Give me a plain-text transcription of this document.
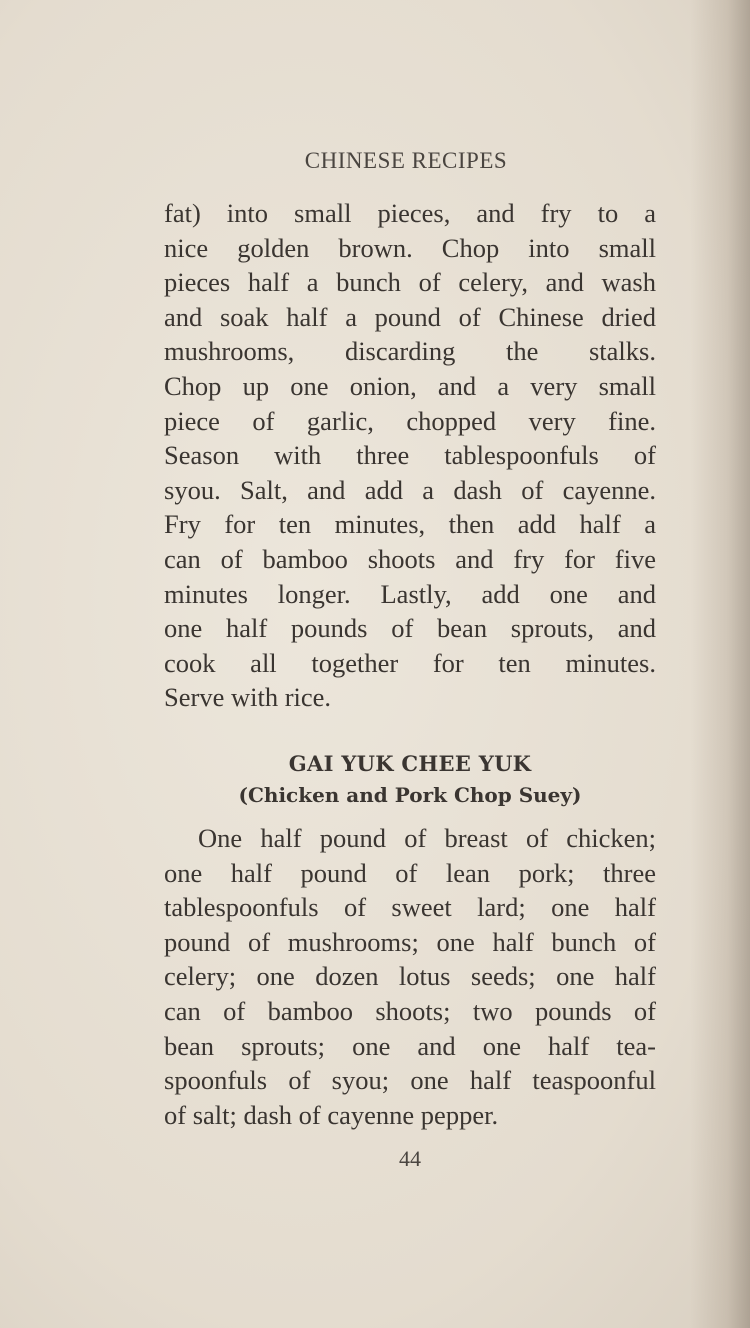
CHINESE RECIPES
fat) into small pieces, and fry to a
nice golden brown. Chop into small
pieces half a bunch of celery, and wash
and soak half a pound of Chinese dried
mushrooms, discarding the stalks.
Chop up one onion, and a very small
piece of garlic, chopped very fine.
Season with three tablespoonfuls of
syou. Salt, and add a dash of cayenne.
Fry for ten minutes, then add half a
can of bamboo shoots and fry for five
minutes longer. Lastly, add one and
one half pounds of bean sprouts, and
cook all together for ten minutes.
Serve with rice.
GAI YUK CHEE YUK
(Chicken and Pork Chop Suey)
One half pound of breast of chicken;
one half pound of lean pork; three
tablespoonfuls of sweet lard; one half
pound of mushrooms; one half bunch of
celery; one dozen lotus seeds; one half
can of bamboo shoots; two pounds of
bean sprouts; one and one half tea-
spoonfuls of syou; one half teaspoonful
of salt; dash of cayenne pepper.
44
